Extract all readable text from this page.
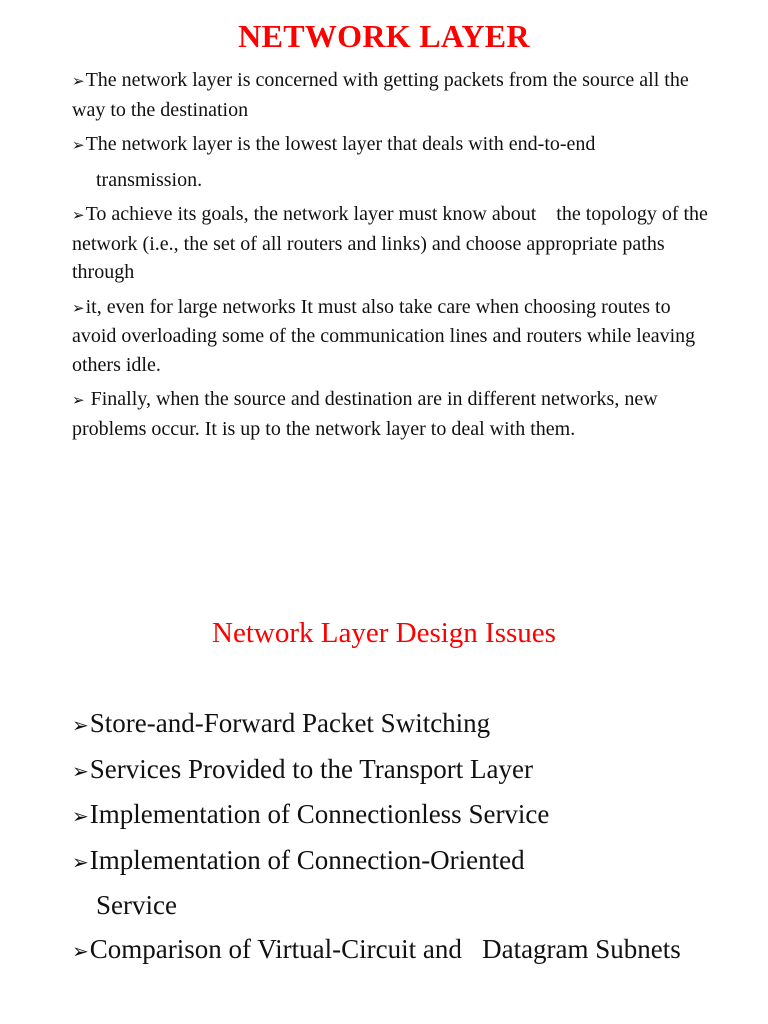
NETWORK LAYER

➢The network layer is concerned with getting packets from the source all the way to the destination

➢The network layer is the lowest layer that deals with end-to-end
transmission.

➢To achieve its goals, the network layer must know about    the topology of the network (i.e., the set of all routers and links) and choose appropriate paths through

➢it, even for large networks It must also take care when choosing routes to avoid overloading some of the communication lines and routers while leaving others idle.

➢ Finally, when the source and destination are in different networks, new problems occur. It is up to the network layer to deal with them.

Network Layer Design Issues
➢Store-and-Forward Packet Switching
➢Services Provided to the Transport Layer
➢Implementation of Connectionless Service
➢Implementation of Connection-Oriented
Service
➢Comparison of Virtual-Circuit and   Datagram Subnets
